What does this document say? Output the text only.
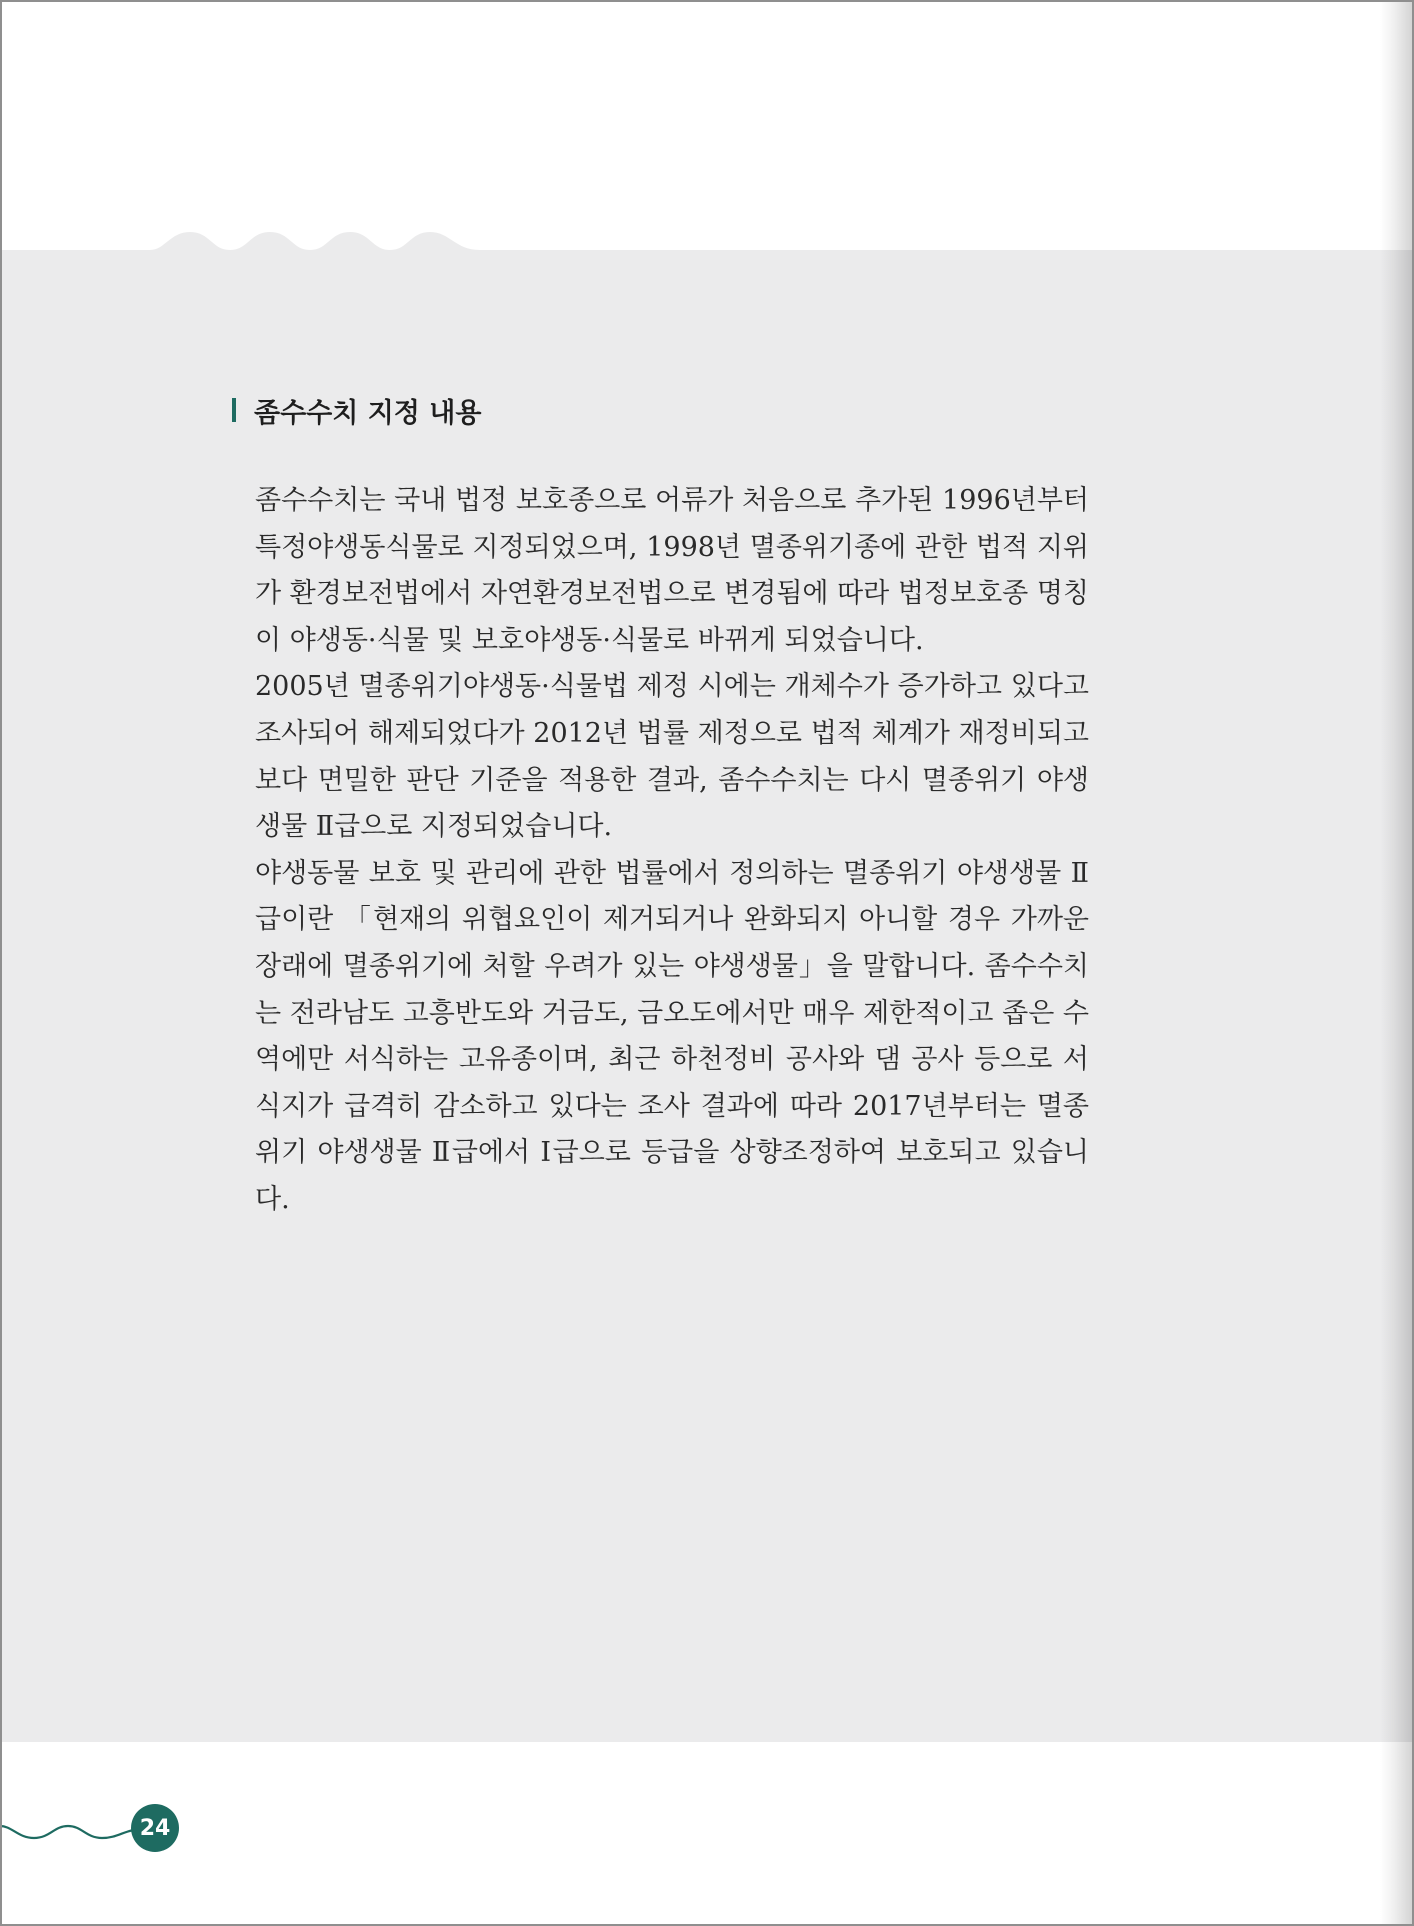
좀수수치 지정 내용

좀수수치는 국내 법정 보호종으로 어류가 처음으로 추가된 1996년부터 특정야생동식물로 지정되었으며, 1998년 멸종위기종에 관한 법적 지위가 환경보전법에서 자연환경보전법으로 변경됨에 따라 법정보호종 명칭이 야생동·식물 및 보호야생동·식물로 바뀌게 되었습니다.

2005년 멸종위기야생동·식물법 제정 시에는 개체수가 증가하고 있다고 조사되어 해제되었다가 2012년 법률 제정으로 법적 체계가 재정비되고 보다 면밀한 판단 기준을 적용한 결과, 좀수수치는 다시 멸종위기 야생생물 Ⅱ급으로 지정되었습니다.

야생동물 보호 및 관리에 관한 법률에서 정의하는 멸종위기 야생생물 Ⅱ급이란 「현재의 위협요인이 제거되거나 완화되지 아니할 경우 가까운 장래에 멸종위기에 처할 우려가 있는 야생생물」을 말합니다. 좀수수치는 전라남도 고흥반도와 거금도, 금오도에서만 매우 제한적이고 좁은 수역에만 서식하는 고유종이며, 최근 하천정비 공사와 댐 공사 등으로 서식지가 급격히 감소하고 있다는 조사 결과에 따라 2017년부터는 멸종위기 야생생물 Ⅱ급에서 Ⅰ급으로 등급을 상향조정하여 보호되고 있습니다.

24
